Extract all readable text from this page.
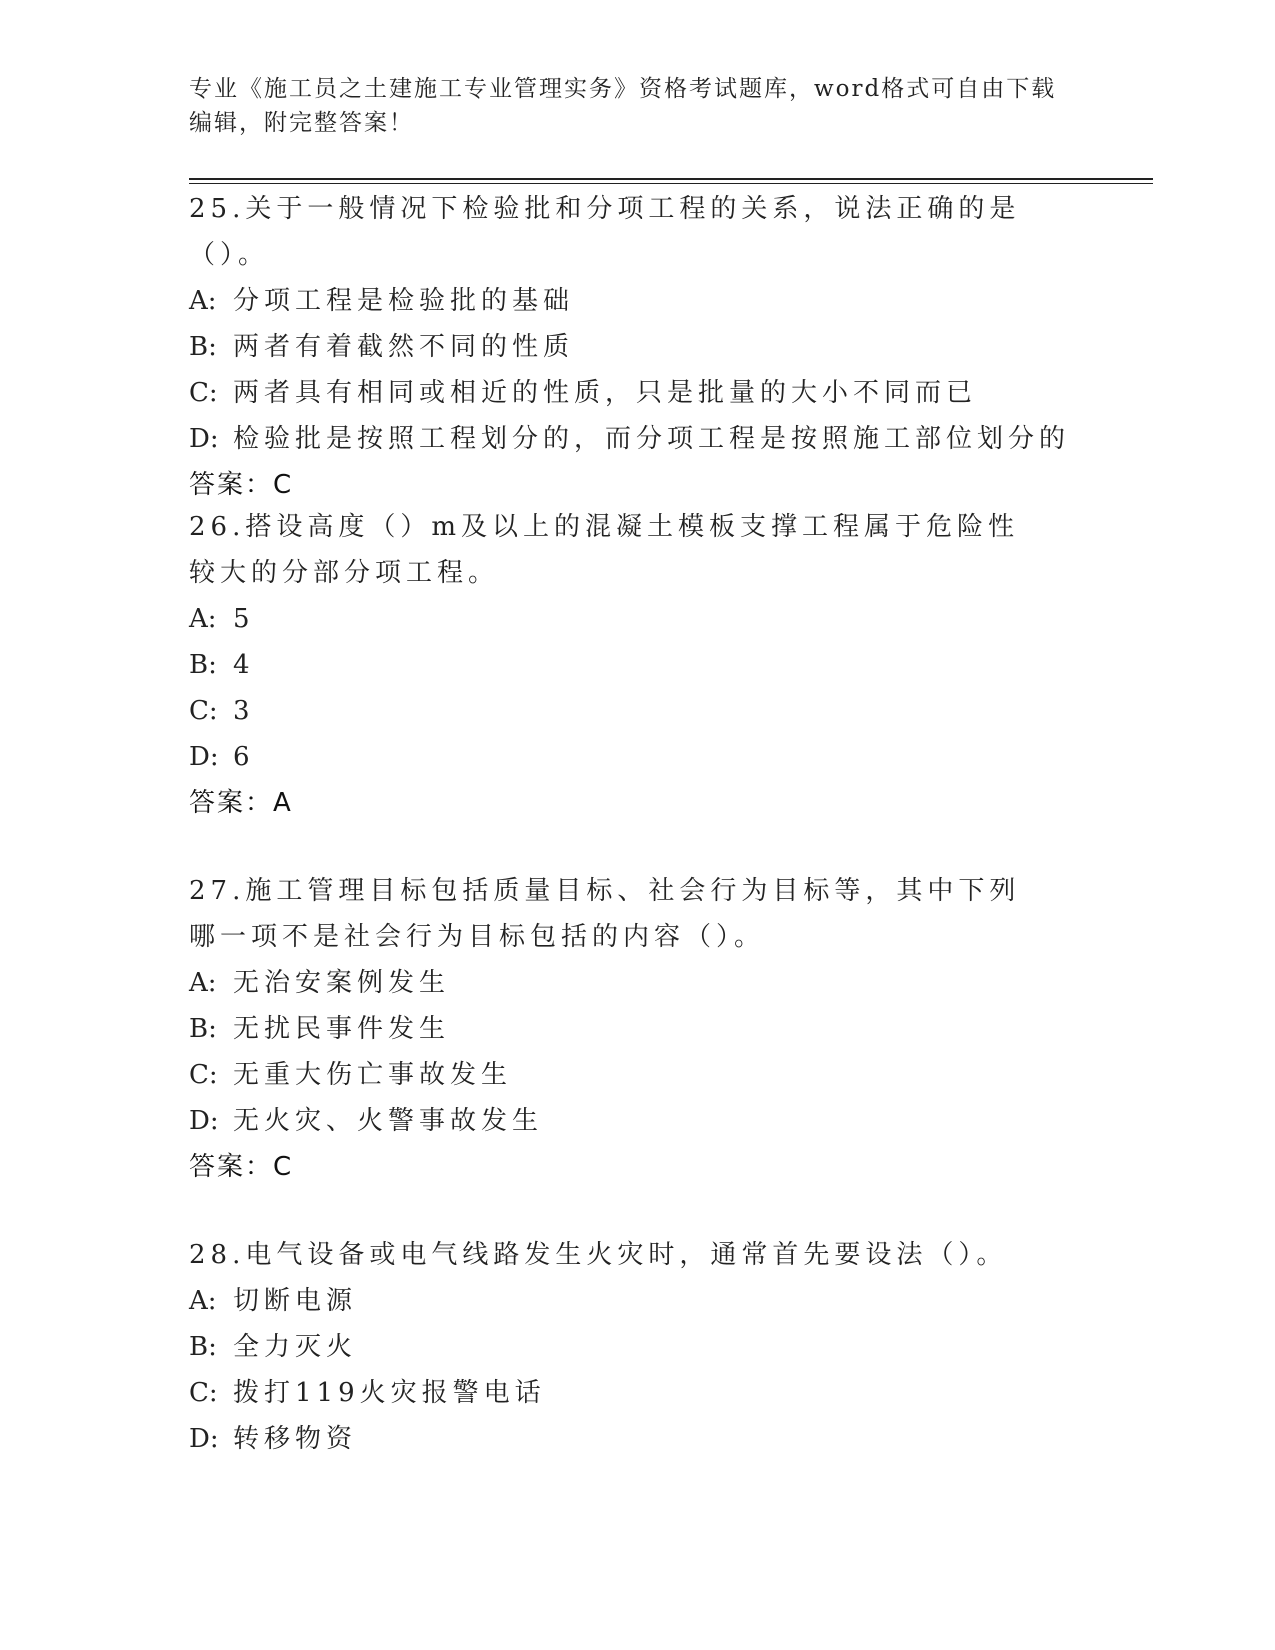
专业《施工员之土建施工专业管理实务》资格考试题库，word格式可自由下载编辑，附完整答案！

25.关于一般情况下检验批和分项工程的关系，说法正确的是（）。

A: 分项工程是检验批的基础

B: 两者有着截然不同的性质

C: 两者具有相同或相近的性质，只是批量的大小不同而已

D: 检验批是按照工程划分的，而分项工程是按照施工部位划分的

答案：C

26.搭设高度（）m及以上的混凝土模板支撑工程属于危险性较大的分部分项工程。

A: 5

B: 4

C: 3

D: 6

答案：A

27.施工管理目标包括质量目标、社会行为目标等，其中下列哪一项不是社会行为目标包括的内容（）。

A: 无治安案例发生

B: 无扰民事件发生

C: 无重大伤亡事故发生

D: 无火灾、火警事故发生

答案：C

28.电气设备或电气线路发生火灾时，通常首先要设法（）。

A: 切断电源

B: 全力灭火

C: 拨打119火灾报警电话

D: 转移物资
